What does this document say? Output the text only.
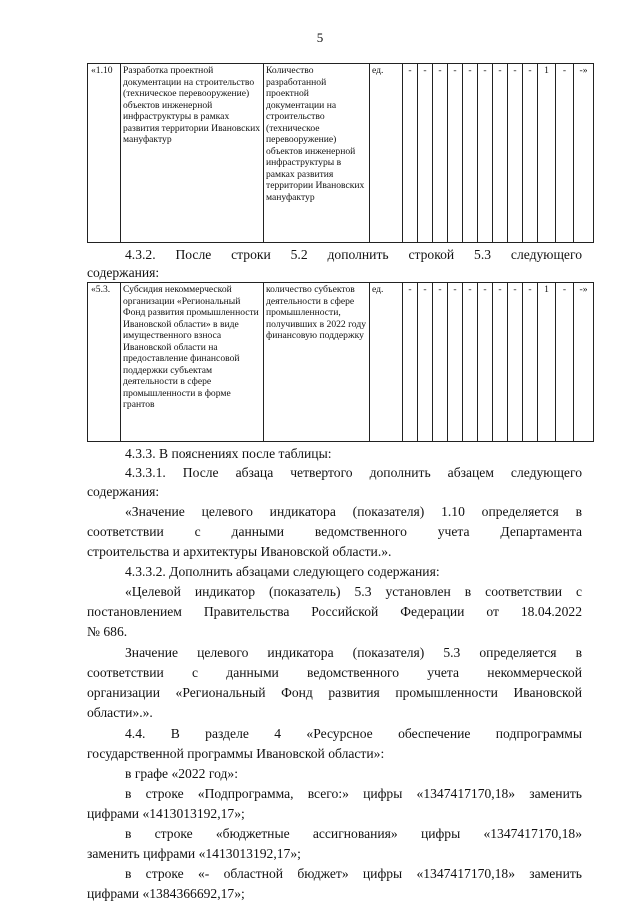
5
«1.10	Разработка проектной документации на строительство (техническое перевооружение) объектов инженерной инфраструктуры в рамках развития территории Ивановских мануфактур	Количество разработанной проектной документации на строительство (техническое перевооружение) объектов инженерной инфраструктуры в рамках развития территории Ивановских мануфактур	ед.	-	-	-	-	-	-	-	-	-	1	-	-»

4.3.2. После строки 5.2 дополнить строкой 5.3 следующего

содержания:

«5.3.	Субсидия некоммерческой организации «Региональный Фонд развития промышленности Ивановской области» в виде имущественного взноса Ивановской области на предоставление финансовой поддержки субъектам деятельности в сфере промышленности в форме грантов	количество субъектов деятельности в сфере промышленности, получивших в 2022 году финансовую поддержку	ед.	-	-	-	-	-	-	-	-	-	1	-	-»

4.3.3. В пояснениях после таблицы:

4.3.3.1. После абзаца четвертого дополнить абзацем следующего

содержания:

«Значение целевого индикатора (показателя) 1.10 определяется в

соответствии с данными ведомственного учета Департамента

строительства и архитектуры Ивановской области.».

4.3.3.2. Дополнить абзацами следующего содержания:

«Целевой индикатор (показатель) 5.3 установлен в соответствии с

постановлением Правительства Российской Федерации от 18.04.2022

№ 686.

Значение целевого индикатора (показателя) 5.3 определяется в

соответствии с данными ведомственного учета некоммерческой

организации «Региональный Фонд развития промышленности Ивановской

области».».

4.4. В разделе 4 «Ресурсное обеспечение подпрограммы

государственной программы Ивановской области»:

в графе «2022 год»:

в строке «Подпрограмма, всего:» цифры «1347417170,18» заменить

цифрами «1413013192,17»;

в строке «бюджетные ассигнования» цифры «1347417170,18»

заменить цифрами «1413013192,17»;

в строке «- областной бюджет» цифры «1347417170,18» заменить

цифрами «1384366692,17»;
